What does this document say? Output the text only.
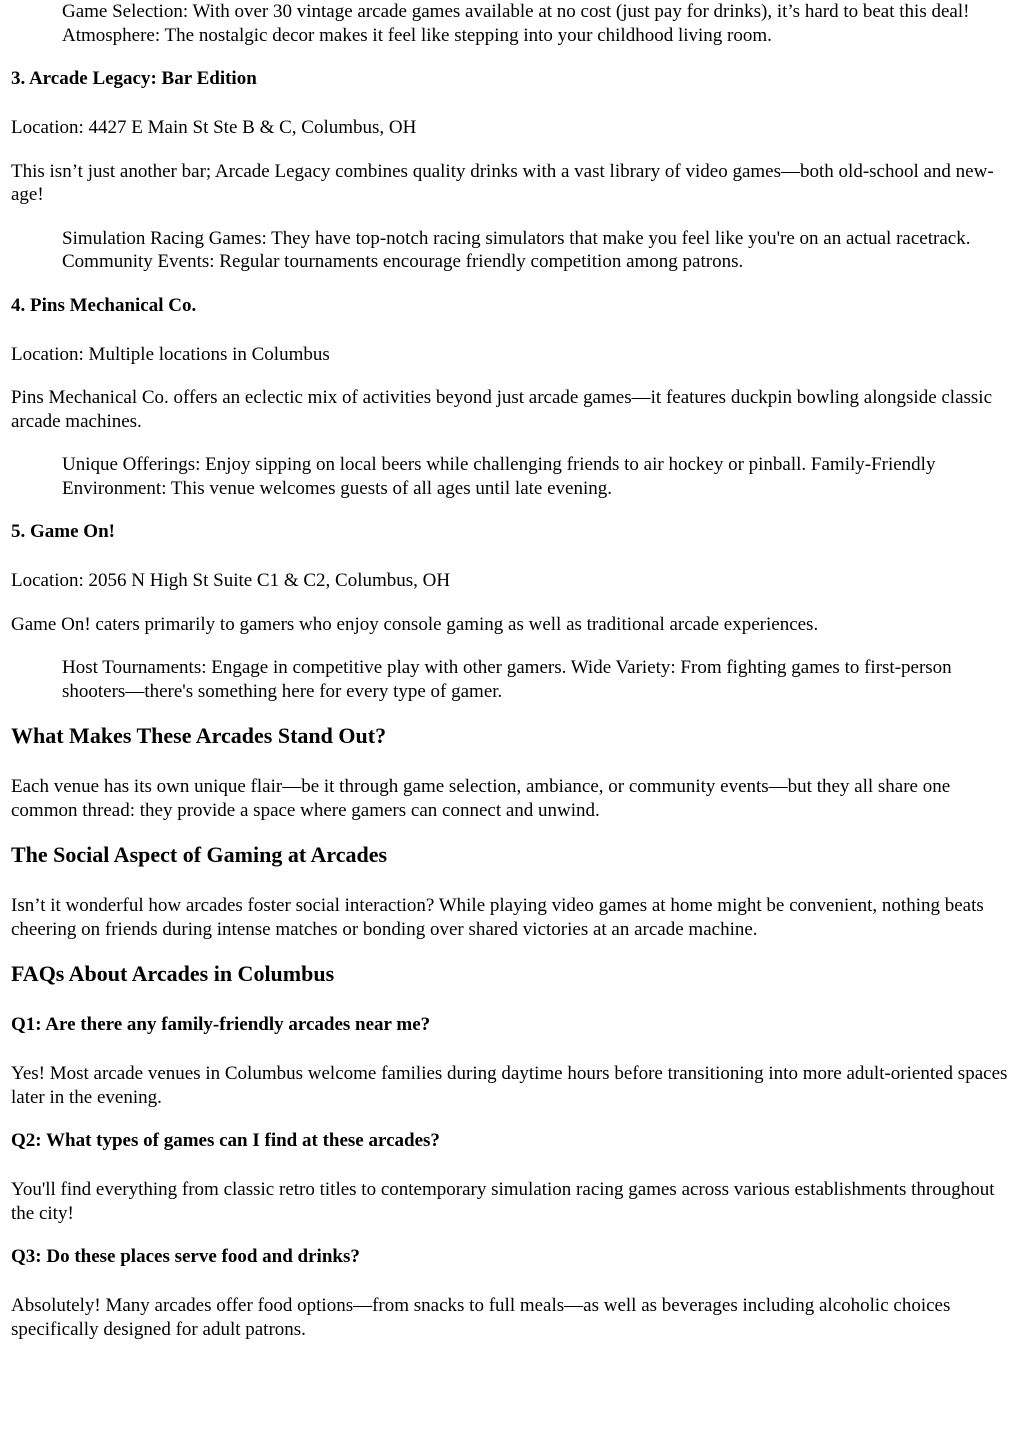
Game Selection: With over 30 vintage arcade games available at no cost (just pay for drinks), it’s hard to beat this deal! Atmosphere: The nostalgic decor makes it feel like stepping into your childhood living room.
3. Arcade Legacy: Bar Edition

Location: 4427 E Main St Ste B & C, Columbus, OH

This isn’t just another bar; Arcade Legacy combines quality drinks with a vast library of video games—both old-school and new-age!

Simulation Racing Games: They have top-notch racing simulators that make you feel like you're on an actual racetrack. Community Events: Regular tournaments encourage friendly competition among patrons.
4. Pins Mechanical Co.

Location: Multiple locations in Columbus

Pins Mechanical Co. offers an eclectic mix of activities beyond just arcade games—it features duckpin bowling alongside classic arcade machines.

Unique Offerings: Enjoy sipping on local beers while challenging friends to air hockey or pinball. Family-Friendly Environment: This venue welcomes guests of all ages until late evening.
5. Game On!

Location: 2056 N High St Suite C1 & C2, Columbus, OH

Game On! caters primarily to gamers who enjoy console gaming as well as traditional arcade experiences.

Host Tournaments: Engage in competitive play with other gamers. Wide Variety: From fighting games to first-person shooters—there's something here for every type of gamer.
What Makes These Arcades Stand Out?

Each venue has its own unique flair—be it through game selection, ambiance, or community events—but they all share one common thread: they provide a space where gamers can connect and unwind.

The Social Aspect of Gaming at Arcades

Isn’t it wonderful how arcades foster social interaction? While playing video games at home might be convenient, nothing beats cheering on friends during intense matches or bonding over shared victories at an arcade machine.

FAQs About Arcades in Columbus
Q1: Are there any family-friendly arcades near me?

Yes! Most arcade venues in Columbus welcome families during daytime hours before transitioning into more adult-oriented spaces later in the evening.

Q2: What types of games can I find at these arcades?

You'll find everything from classic retro titles to contemporary simulation racing games across various establishments throughout the city!

Q3: Do these places serve food and drinks?

Absolutely! Many arcades offer food options—from snacks to full meals—as well as beverages including alcoholic choices specifically designed for adult patrons.
